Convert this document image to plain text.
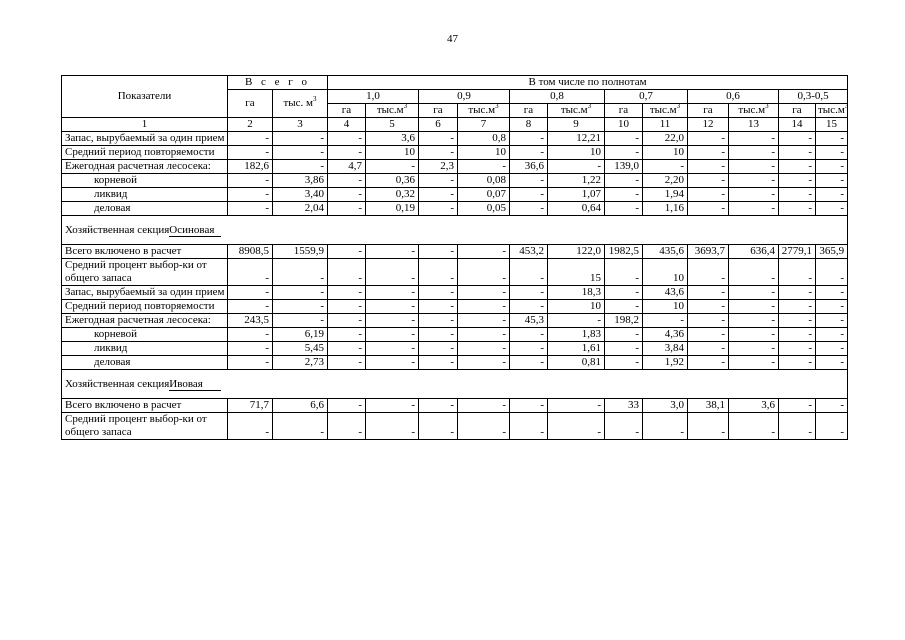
47
Показатели	В с е г о		В том числе по полнотам											
	га	тыс. $м^3$	1,0		0,9		0,8		0,7		0,6		0,3-0,5	
			га	$тыс.м^3$	га	$тыс.м^3$	га	$тыс.м^3$	га	$тыс.м^3$	га	$тыс.м^3$	га	$тыс.м^3$
1	2	3	4	5	6	7	8	9	10	11	12	13	14	15
Запас, вырубаемый за один прием	-	-	-	3,6	-	0,8	-	12,21	-	22,0	-	-	-	-
Средний период повторяемости	-	-	-	10	-	10	-	10	-	10	-	-	-	-
Ежегодная расчетная лесосека:	182,6	-	4,7	-	2,3	-	36,6	-	139,0	-	-	-	-	-
корневой	-	3,86	-	0,36	-	0,08	-	1,22	-	2,20	-	-	-	-
ликвид	-	3,40	-	0,32	-	0,07	-	1,07	-	1,94	-	-	-	-
деловая	-	2,04	-	0,19	-	0,05	-	0,64	-	1,16	-	-	-	-
Хозяйственная секцияОсиновая														
Всего включено в расчет	8908,5	1559,9	-	-	-	-	453,2	122,0	1982,5	435,6	3693,7	636,4	2779,1	365,9
Средний процент выбор-ки от общего запаса	-	-	-	-	-	-	-	15	-	10	-	-	-	-
Запас, вырубаемый за один прием	-	-	-	-	-	-	-	18,3	-	43,6	-	-	-	-
Средний период повторяемости	-	-	-	-	-	-	-	10	-	10	-	-	-	-
Ежегодная расчетная лесосека:	243,5	-	-	-	-	-	45,3	-	198,2	-	-	-	-	-
корневой	-	6,19	-	-	-	-	-	1,83	-	4,36	-	-	-	-
ликвид	-	5,45	-	-	-	-	-	1,61	-	3,84	-	-	-	-
деловая	-	2,73	-	-	-	-	-	0,81	-	1,92	-	-	-	-
Хозяйственная секцияИвовая														
Всего включено в расчет	71,7	6,6	-	-	-	-	-	-	33	3,0	38,1	3,6	-	-
Средний процент выбор-ки от общего запаса	-	-	-	-	-	-	-	-	-	-	-	-	-	-
